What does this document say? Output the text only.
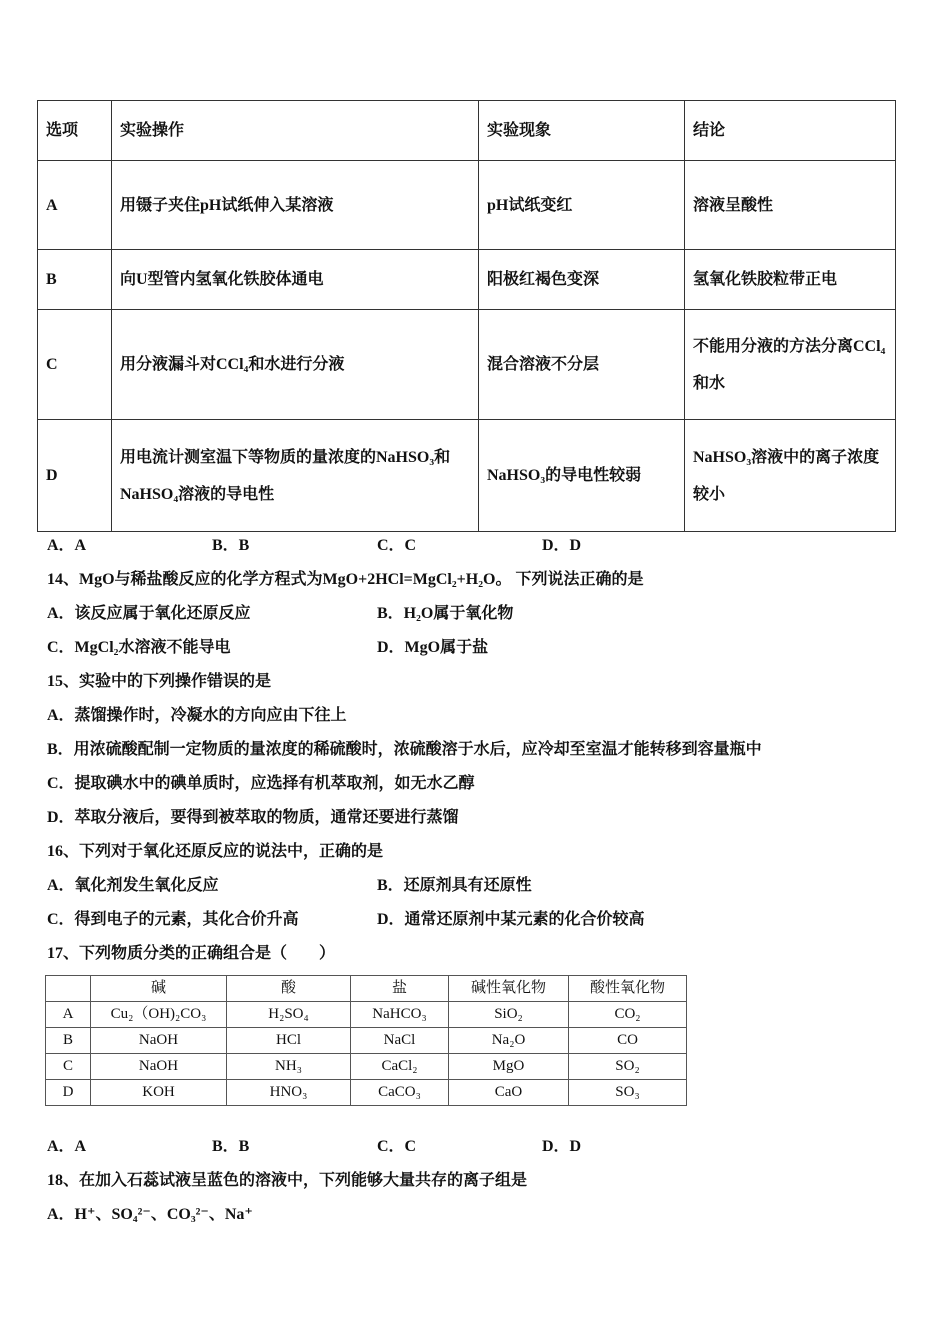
选项	实验操作	实验现象	结论
A	用镊子夹住pH试纸伸入某溶液	pH试纸变红	溶液呈酸性
B	向U型管内氢氧化铁胶体通电	阳极红褐色变深	氢氧化铁胶粒带正电
C	用分液漏斗对CCl₄和水进行分液	混合溶液不分层	不能用分液的方法分离CCl₄和水
D	用电流计测室温下等物质的量浓度的NaHSO₃和NaHSO₄溶液的导电性	NaHSO₃的导电性较弱	NaHSO₃溶液中的离子浓度较小
A．A	B．B	C．C	D．D
14、MgO与稀盐酸反应的化学方程式为MgO+2HCl=MgCl₂+H₂O。 下列说法正确的是
A．该反应属于氧化还原反应	B．H₂O属于氧化物
C．MgCl₂水溶液不能导电	D．MgO属于盐
15、实验中的下列操作错误的是
A．蒸馏操作时，冷凝水的方向应由下往上
B．用浓硫酸配制一定物质的量浓度的稀硫酸时，浓硫酸溶于水后，应冷却至室温才能转移到容量瓶中
C．提取碘水中的碘单质时，应选择有机萃取剂，如无水乙醇
D．萃取分液后，要得到被萃取的物质，通常还要进行蒸馏
16、下列对于氧化还原反应的说法中，正确的是
A．氧化剂发生氧化反应	B．还原剂具有还原性
C．得到电子的元素，其化合价升高	D．通常还原剂中某元素的化合价较高
17、下列物质分类的正确组合是（　　）
	碱	酸	盐	碱性氧化物	酸性氧化物
A	Cu₂（OH)₂CO₃	H₂SO₄	NaHCO₃	SiO₂	CO₂
B	NaOH	HCl	NaCl	Na₂O	CO
C	NaOH	NH₃	CaCl₂	MgO	SO₂
D	KOH	HNO₃	CaCO₃	CaO	SO₃
A．A	B．B	C．C	D．D
18、在加入石蕊试液呈蓝色的溶液中，下列能够大量共存的离子组是
A．H⁺、SO₄²⁻、CO₃²⁻、Na⁺
